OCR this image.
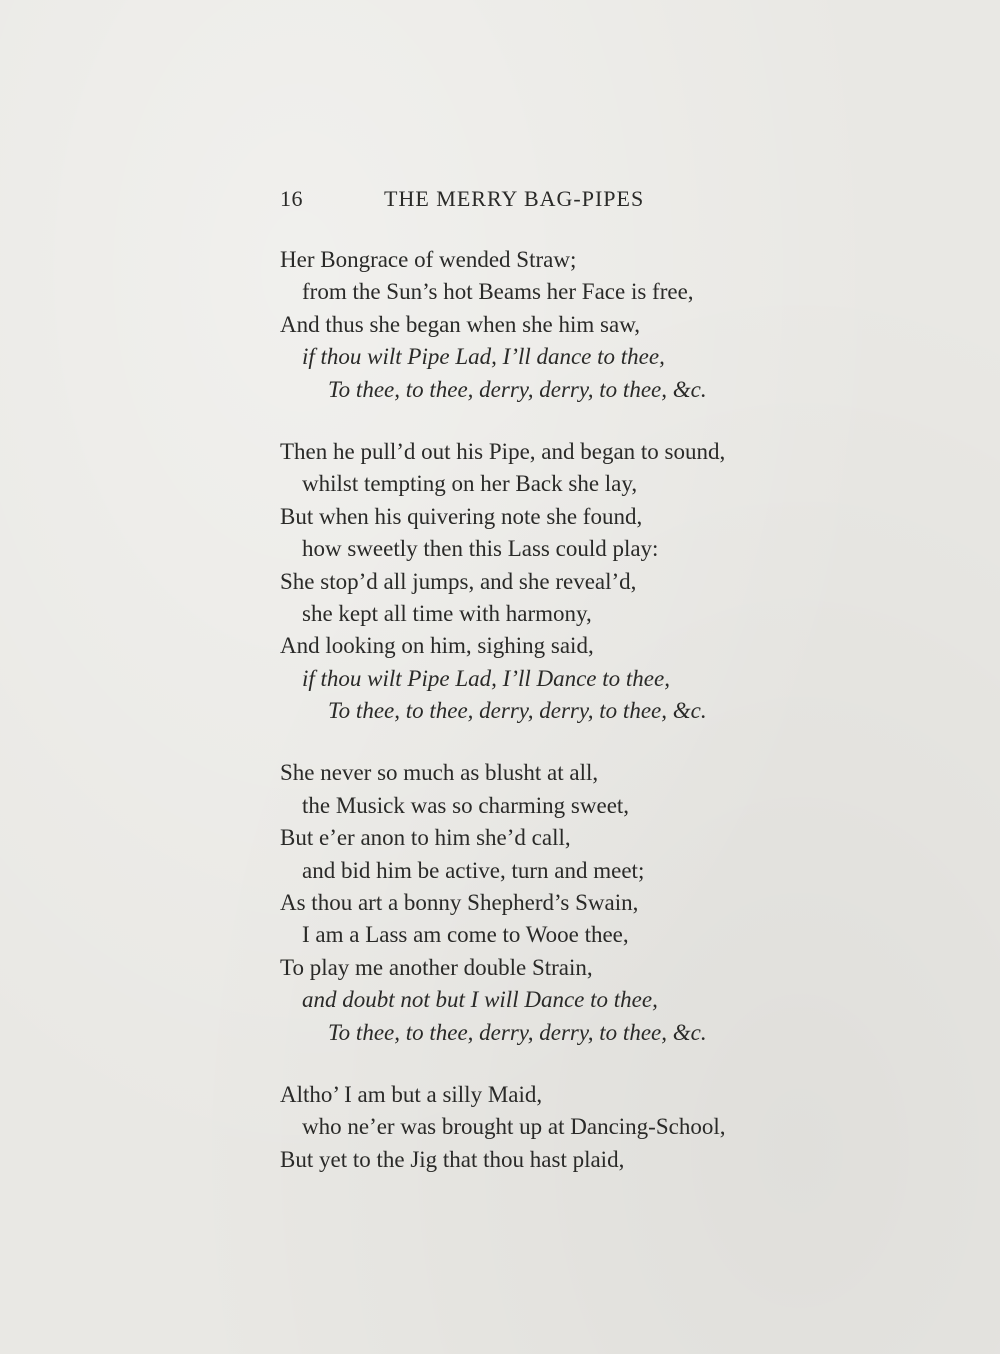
16	THE MERRY BAG-PIPES
Her Bongrace of wended Straw;
from the Sun’s hot Beams her Face is free,
And thus she began when she him saw,
if thou wilt Pipe Lad, I’ll dance to thee,
To thee, to thee, derry, derry, to thee, &c.
Then he pull’d out his Pipe, and began to sound,
whilst tempting on her Back she lay,
But when his quivering note she found,
how sweetly then this Lass could play:
She stop’d all jumps, and she reveal’d,
she kept all time with harmony,
And looking on him, sighing said,
if thou wilt Pipe Lad, I’ll Dance to thee,
To thee, to thee, derry, derry, to thee, &c.
She never so much as blusht at all,
the Musick was so charming sweet,
But e’er anon to him she’d call,
and bid him be active, turn and meet;
As thou art a bonny Shepherd’s Swain,
I am a Lass am come to Wooe thee,
To play me another double Strain,
and doubt not but I will Dance to thee,
To thee, to thee, derry, derry, to thee, &c.
Altho’ I am but a silly Maid,
who ne’er was brought up at Dancing-School,
But yet to the Jig that thou hast plaid,
